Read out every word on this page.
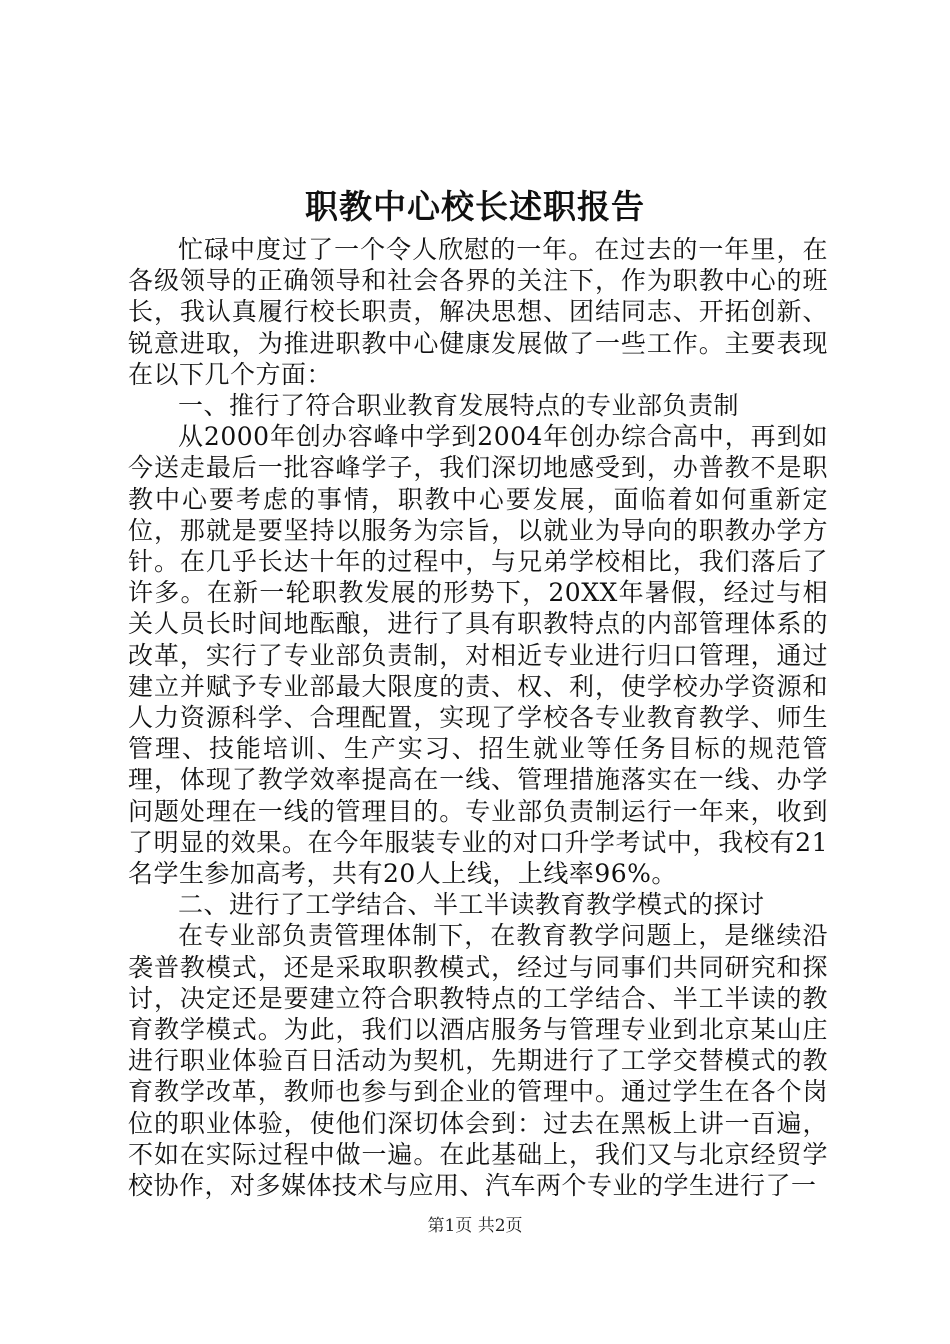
职教中心校长述职报告

忙碌中度过了一个令人欣慰的一年。在过去的一年里，在各级领导的正确领导和社会各界的关注下，作为职教中心的班长，我认真履行校长职责，解决思想、团结同志、开拓创新、锐意进取，为推进职教中心健康发展做了一些工作。主要表现在以下几个方面：

一、推行了符合职业教育发展特点的专业部负责制

从2000年创办容峰中学到2004年创办综合高中，再到如今送走最后一批容峰学子，我们深切地感受到，办普教不是职教中心要考虑的事情，职教中心要发展，面临着如何重新定位，那就是要坚持以服务为宗旨，以就业为导向的职教办学方针。在几乎长达十年的过程中，与兄弟学校相比，我们落后了许多。在新一轮职教发展的形势下，20XX年暑假，经过与相关人员长时间地酝酿，进行了具有职教特点的内部管理体系的改革，实行了专业部负责制，对相近专业进行归口管理，通过建立并赋予专业部最大限度的责、权、利，使学校办学资源和人力资源科学、合理配置，实现了学校各专业教育教学、师生管理、技能培训、生产实习、招生就业等任务目标的规范管理，体现了教学效率提高在一线、管理措施落实在一线、办学问题处理在一线的管理目的。专业部负责制运行一年来，收到了明显的效果。在今年服装专业的对口升学考试中，我校有21名学生参加高考，共有20人上线，上线率96%。

二、进行了工学结合、半工半读教育教学模式的探讨

在专业部负责管理体制下，在教育教学问题上，是继续沿袭普教模式，还是采取职教模式，经过与同事们共同研究和探讨，决定还是要建立符合职教特点的工学结合、半工半读的教育教学模式。为此，我们以酒店服务与管理专业到北京某山庄进行职业体验百日活动为契机，先期进行了工学交替模式的教育教学改革，教师也参与到企业的管理中。通过学生在各个岗位的职业体验，使他们深切体会到：过去在黑板上讲一百遍，不如在实际过程中做一遍。在此基础上，我们又与北京经贸学校协作，对多媒体技术与应用、汽车两个专业的学生进行了一

第1页 共2页
